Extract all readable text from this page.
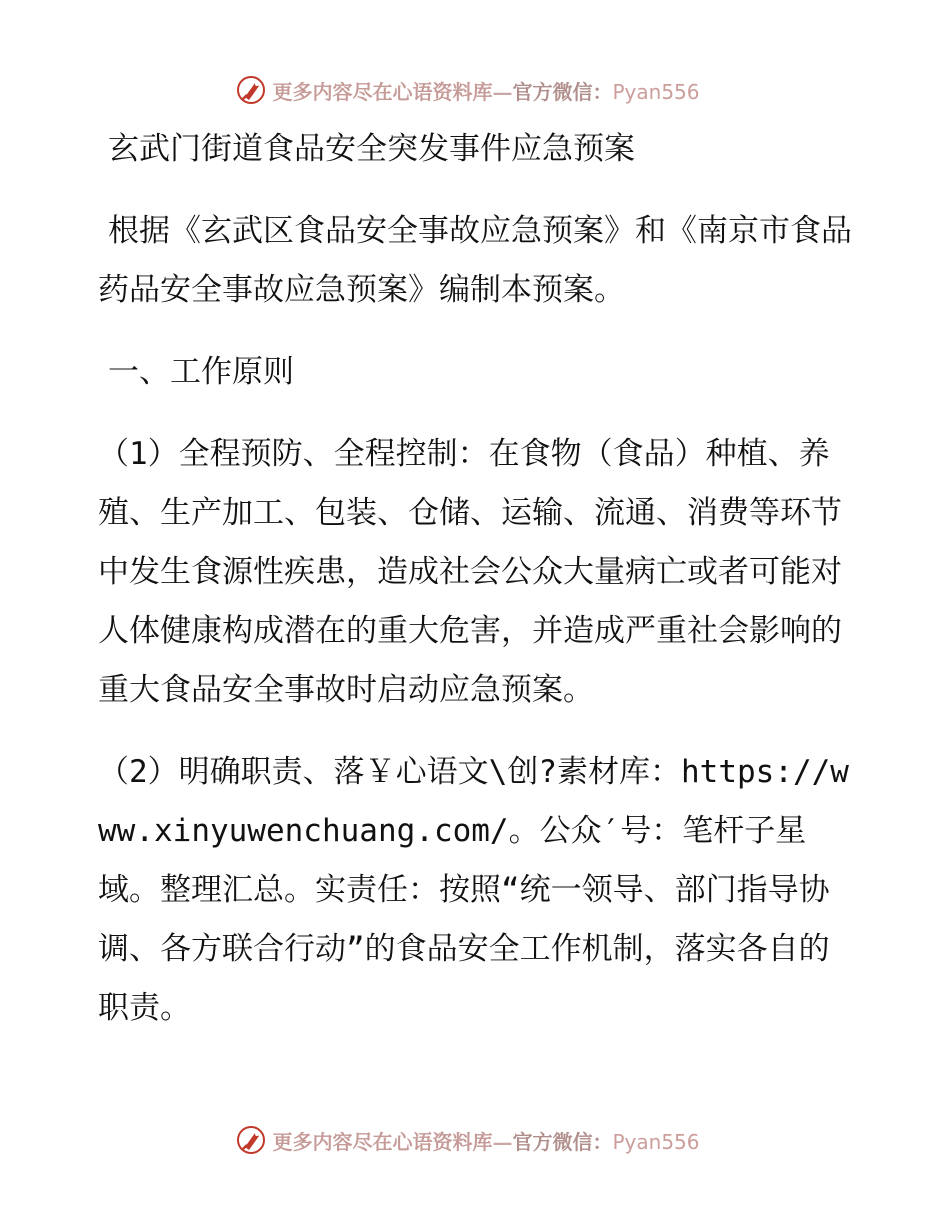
更多内容尽在心语资料库—官方微信：Pyan556

玄武门街道食品安全突发事件应急预案

根据《玄武区食品安全事故应急预案》和《南京市食品药品安全事故应急预案》编制本预案。

一、工作原则

（1）全程预防、全程控制：在食物（食品）种植、养殖、生产加工、包装、仓储、运输、流通、消费等环节中发生食源性疾患，造成社会公众大量病亡或者可能对人体健康构成潜在的重大危害，并造成严重社会影响的重大食品安全事故时启动应急预案。

（2）明确职责、落￥心语文\创?素材库：https://www.xinyuwenchuang.com/。公众′号：笔杆子星域。整理汇总。实责任：按照“统一领导、部门指导协调、各方联合行动”的食品安全工作机制，落实各自的职责。

更多内容尽在心语资料库—官方微信：Pyan556
